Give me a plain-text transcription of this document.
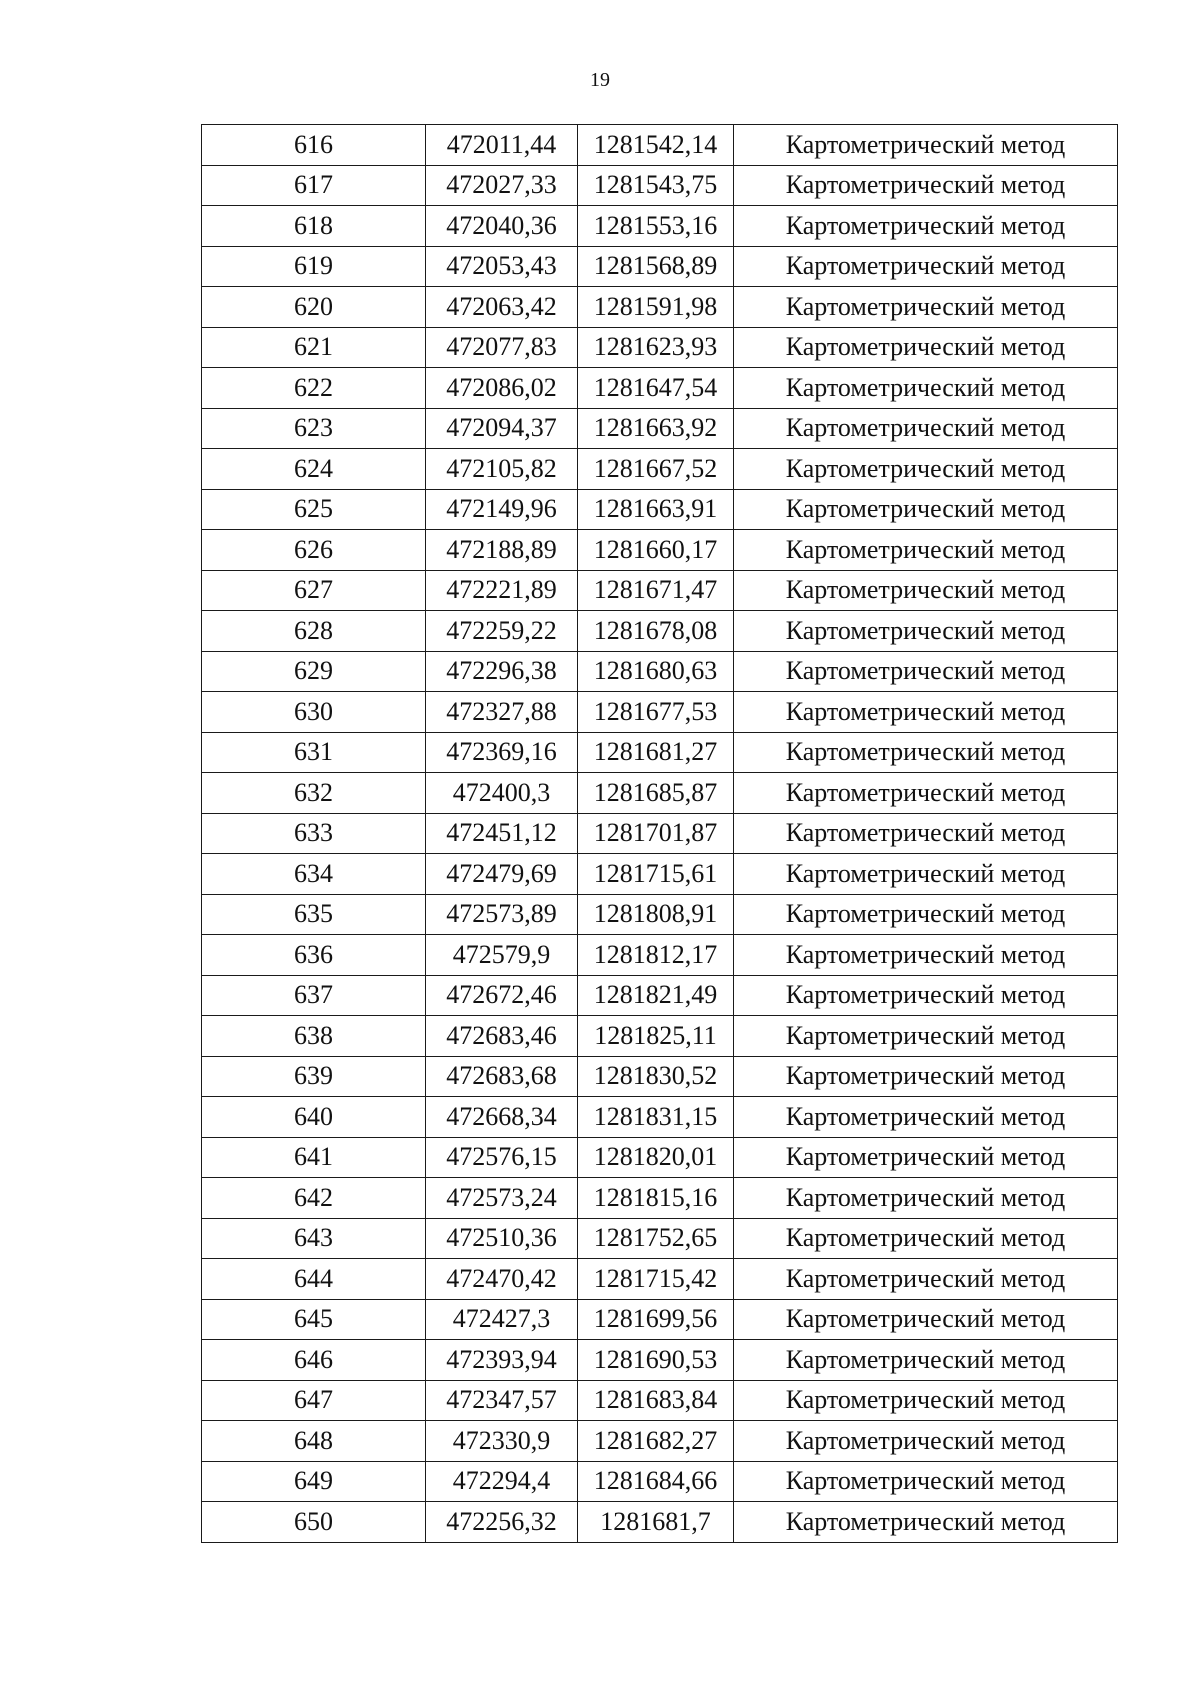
19
616	472011,44	1281542,14	Картометрический метод
617	472027,33	1281543,75	Картометрический метод
618	472040,36	1281553,16	Картометрический метод
619	472053,43	1281568,89	Картометрический метод
620	472063,42	1281591,98	Картометрический метод
621	472077,83	1281623,93	Картометрический метод
622	472086,02	1281647,54	Картометрический метод
623	472094,37	1281663,92	Картометрический метод
624	472105,82	1281667,52	Картометрический метод
625	472149,96	1281663,91	Картометрический метод
626	472188,89	1281660,17	Картометрический метод
627	472221,89	1281671,47	Картометрический метод
628	472259,22	1281678,08	Картометрический метод
629	472296,38	1281680,63	Картометрический метод
630	472327,88	1281677,53	Картометрический метод
631	472369,16	1281681,27	Картометрический метод
632	472400,3	1281685,87	Картометрический метод
633	472451,12	1281701,87	Картометрический метод
634	472479,69	1281715,61	Картометрический метод
635	472573,89	1281808,91	Картометрический метод
636	472579,9	1281812,17	Картометрический метод
637	472672,46	1281821,49	Картометрический метод
638	472683,46	1281825,11	Картометрический метод
639	472683,68	1281830,52	Картометрический метод
640	472668,34	1281831,15	Картометрический метод
641	472576,15	1281820,01	Картометрический метод
642	472573,24	1281815,16	Картометрический метод
643	472510,36	1281752,65	Картометрический метод
644	472470,42	1281715,42	Картометрический метод
645	472427,3	1281699,56	Картометрический метод
646	472393,94	1281690,53	Картометрический метод
647	472347,57	1281683,84	Картометрический метод
648	472330,9	1281682,27	Картометрический метод
649	472294,4	1281684,66	Картометрический метод
650	472256,32	1281681,7	Картометрический метод
